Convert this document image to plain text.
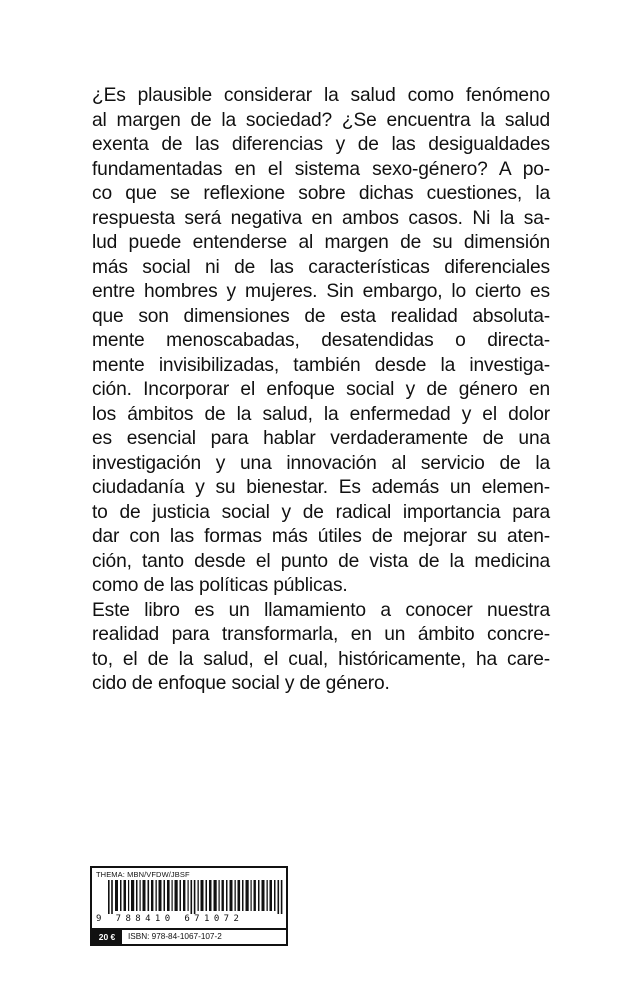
¿Es plausible considerar la salud como fenómeno
al margen de la sociedad? ¿Se encuentra la salud
exenta de las diferencias y de las desigualdades
fundamentadas en el sistema sexo-género? A po-
co que se reflexione sobre dichas cuestiones, la
respuesta será negativa en ambos casos. Ni la sa-
lud puede entenderse al margen de su dimensión
más social ni de las características diferenciales
entre hombres y mujeres. Sin embargo, lo cierto es
que son dimensiones de esta realidad absoluta-
mente menoscabadas, desatendidas o directa-
mente invisibilizadas, también desde la investiga-
ción. Incorporar el enfoque social y de género en
los ámbitos de la salud, la enfermedad y el dolor
es esencial para hablar verdaderamente de una
investigación y una innovación al servicio de la
ciudadanía y su bienestar. Es además un elemen-
to de justicia social y de radical importancia para
dar con las formas más útiles de mejorar su aten-
ción, tanto desde el punto de vista de la medicina
como de las políticas públicas.
Este libro es un llamamiento a conocer nuestra
realidad para transformarla, en un ámbito concre-
to, el de la salud, el cual, históricamente, ha care-
cido de enfoque social y de género.
THEMA: MBN/VFDW/JBSF
9 788410 671072
20 €	ISBN: 978-84-1067-107-2
